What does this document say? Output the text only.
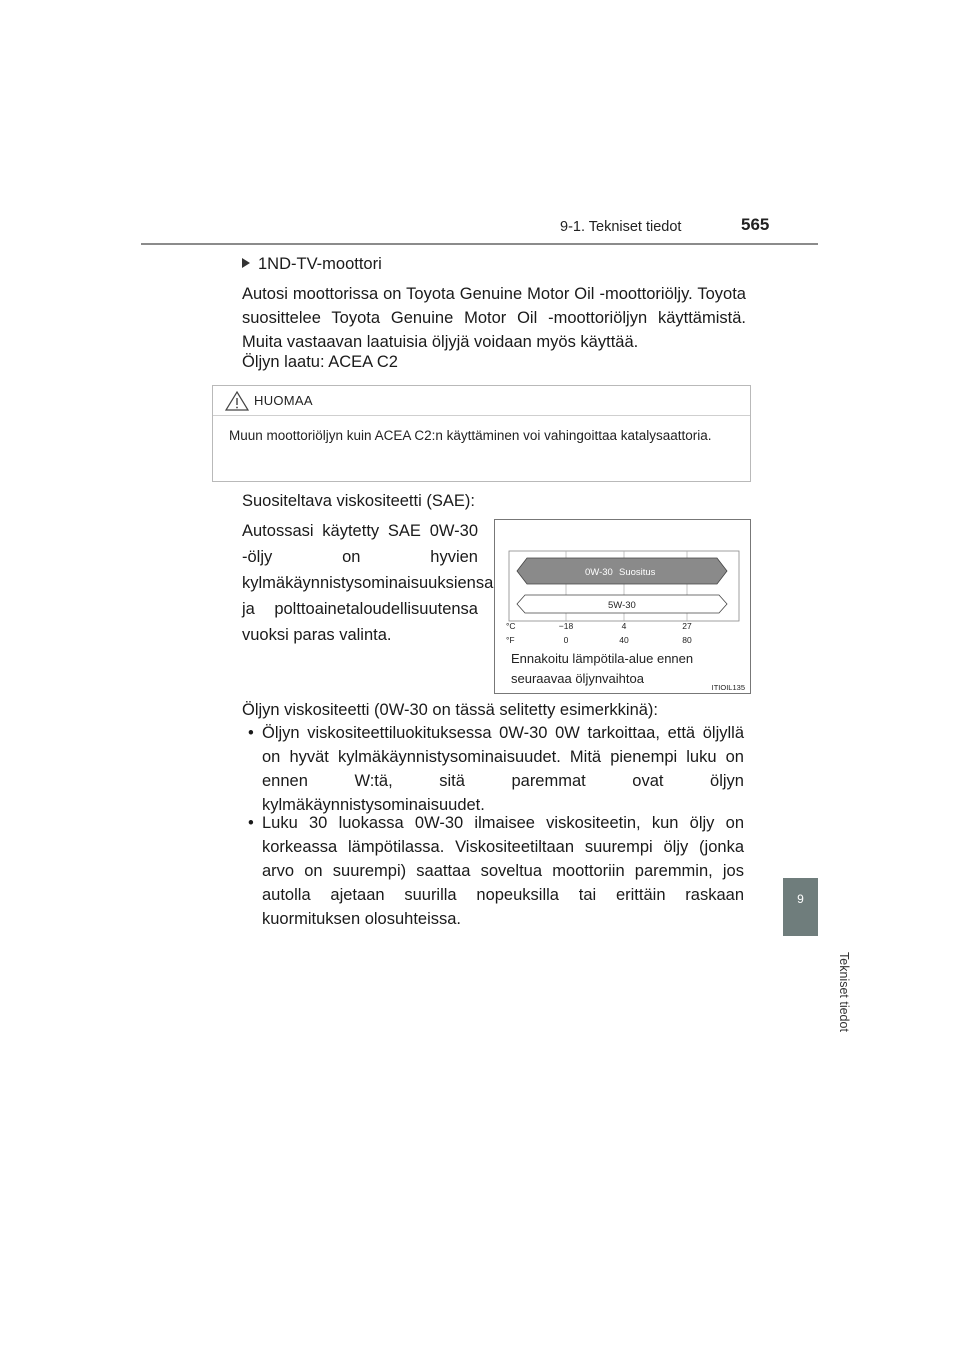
9-1. Tekniset tiedot	565
9
Tekniset tiedot
1ND-TV-moottori
Autosi moottorissa on Toyota Genuine Motor Oil -moottoriöljy. Toyota suosittelee Toyota Genuine Motor Oil -moottoriöljyn käyttämistä. Muita vastaavan laatuisia öljyjä voidaan myös käyttää.
Öljyn laatu: ACEA C2
HUOMAA
Muun moottoriöljyn kuin ACEA C2:n käyttäminen voi vahingoittaa katalysaattoria.
Suositeltava viskositeetti (SAE):
Autossasi käytetty SAE 0W-30 -öljy on hyvien kylmäkäynnistysominaisuuksiensa ja polttoainetaloudellisuutensa vuoksi paras valinta.
0W-30 Suositus
5W-30
°C
°F
−18	4	27
0	40	80
Ennakoitu lämpötila-alue ennen
seuraavaa öljynvaihtoa
ITIOIL135
Öljyn viskositeetti (0W-30 on tässä selitetty esimerkkinä):
• Öljyn viskositeettiluokituksessa 0W-30 0W tarkoittaa, että öljyllä on hyvät kylmäkäynnistysominaisuudet. Mitä pienempi luku on ennen W:tä, sitä paremmat ovat öljyn kylmäkäynnistysominaisuudet.
• Luku 30 luokassa 0W-30 ilmaisee viskositeetin, kun öljy on korkeassa lämpötilassa. Viskositeetiltaan suurempi öljy (jonka arvo on suurempi) saattaa soveltua moottoriin paremmin, jos autolla ajetaan suurilla nopeuksilla tai erittäin raskaan kuormituksen olosuhteissa.
